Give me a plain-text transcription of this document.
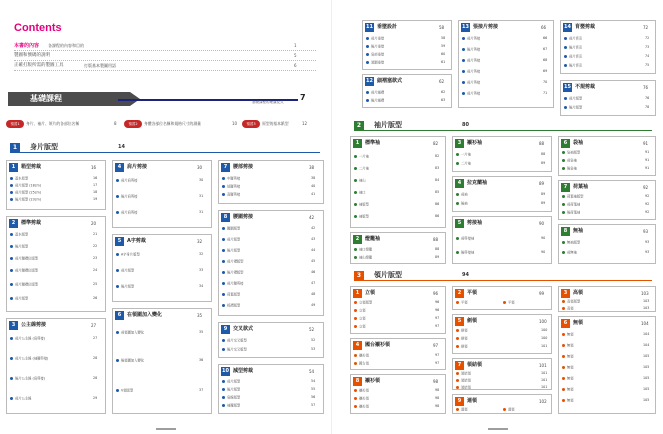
Contents
本書的內容 各課程的內容和目的	1
製圖和號碼的說明	5
正確打版所需的製圖工具	打版基本製圖用語	6
基礎課程	基礎課程的理論及式 7
預習1	身片、袖片、領片的各部位名稱	8	預習2	身體各部位名稱和規格尺寸的測量	10	預習3	原型的基本紙型	12
1	身片版型	14
1	箱型剪裁	16
基本原型	16
前片版型 (18cm)	17
前片版型 (25cm)	18
後片版型 (23cm)	19
2	標準剪裁	20
基本版型	21
後片版型	22
前片腰褶位版型	23
前片腰褶位版型	24
前片腰褶位版型	25
前片版型	26
3	公主線剪接	27
前片公主線 (肩剪接)	27
前片公主線 (袖襱剪接)	28
後片公主線 (肩剪接)	28
前片公主線	29
4	肩片剪接	30
前片肩剪接	30
後片肩剪接	31
前片肩剪接	31
5	A字剪裁	32
A字身片版型	32
前片版型	33
後片版型	34
6	在領圍加入變化	35
前領圍加入變化	35
後領圍加入變化	36
V領版型	37
7	腰部剪接	38
中腰剪接	38
低腰剪接	40
高腰剪接	41
8	腰圍剪接	42
腰圍版型	42
前片版型	43
後片版型	44
前片褶版型	45
後片褶版型	46
前片腰剪接	47
荷葉版型	48
抓褶版型	49
9	交叉款式	52
前片交叉版型	52
後片交叉版型	53
10 減型剪裁	54
前片版型	54
後片版型	55
肩線版型	56
袖襱版型	57
11 垂墜設計	58
前片垂墜	58
後片垂墜	59
肩部垂墜	60
領圍垂墜	61
12 細褶塞款式	62
前片細褶	62
後片細褶	63
13 張接片剪接	66
前片剪接	66
後片剪接	67
前片剪接	68
前片剪接	69
前片剪接	70
前片剪接	71
14 育嬰剪裁	72
前片育克	72
後片育克	73
前片育克	74
後片育克	75
15 不規剪裁	76
前片版型	76
後片版型	78
2	袖片版型	80
1	標準袖	82
一片袖	82
二片袖	83
袖山	84
袖口	85
袖版型	86
袖版型	86
2	燈籠袖	88
袖口燈籠	88
袖山燈籠	89
3	襯衫袖	88
一片袖	88
二片袖	89
4	拉克蘭袖	89
前袖	89
後袖	89
5	剪接袖	90
前剪接袖	90
後剪接袖	90
6	袋袖	91
袋袖版型	91
前袋袖	91
後袋袖	91
7	荷葉袖	92
荷葉袖版型	92
前荷葉袖	92
後荷葉袖	92
8	無袖	93
無袖版型	93
前無袖	93
3	領片版型	94
1	立領	96
立領版型	96
立領	96
立領	97
立領	97
4	國台襯衫領	97
襯衫領	97
國台領	97
8	襯衫領	98
襯衫領	98
襯衫領	98
襯衫領	98
2	平領	99
平領	平領
5	劍領	100
劍領	100
劍領	100
劍領	101
7	領結領	101
領結領	101
領結領	101
領結領	101
9	連領	102
連領	連領
3	高領	103
高領版型	103
高領	103
6	無領	104
無領	104
無領	104
無領	105
無領	105
無領	105
無領	105
無領	105
